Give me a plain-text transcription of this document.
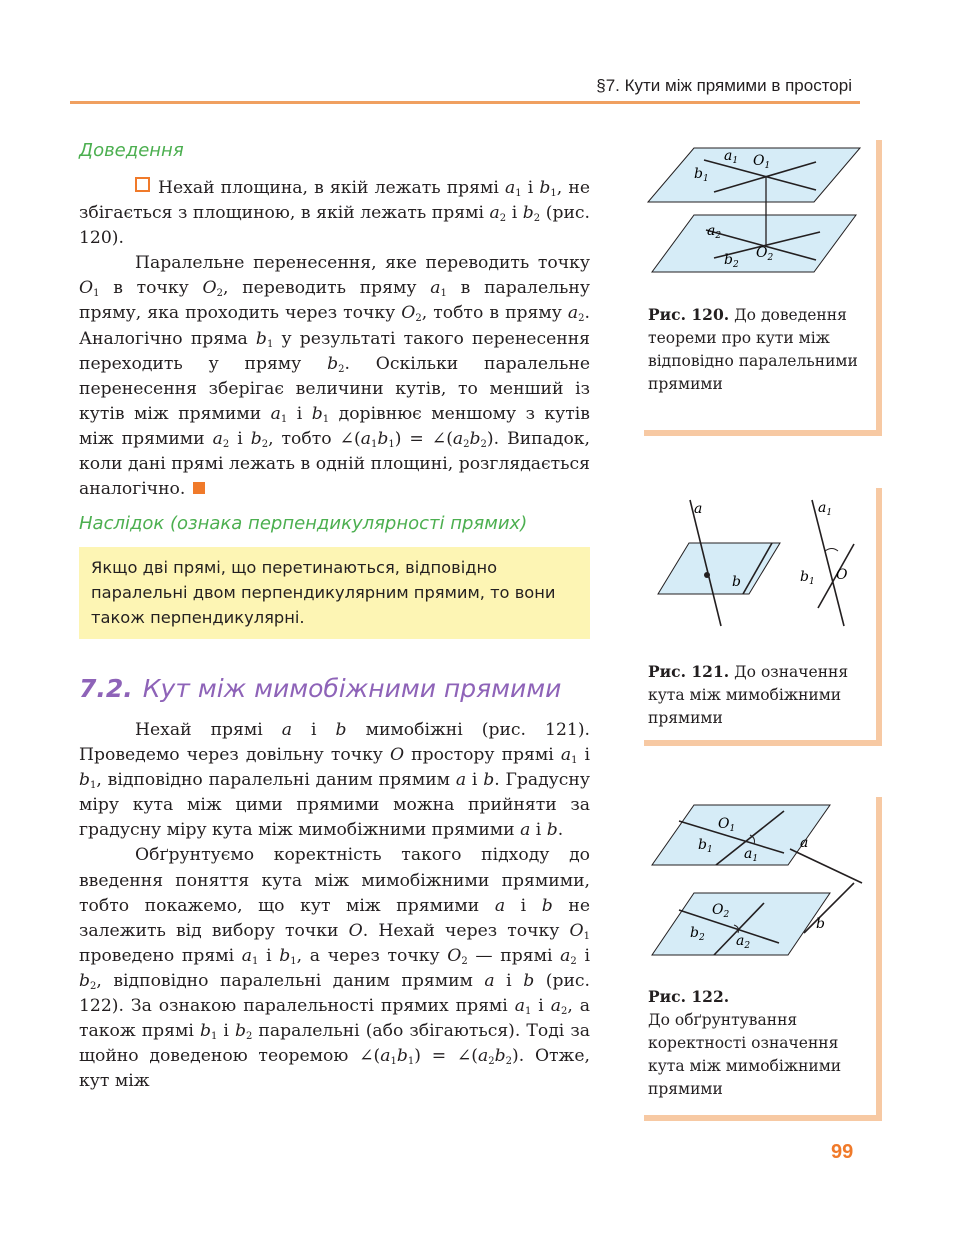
§7. Кути між прямими в просторі
Доведення

Нехай площина, в якій лежать прямі $a_1$ і $b_1$, не збігається з площиною, в якій лежать прямі $a_2$ і $b_2$ (рис. 120).

Паралельне перенесення, яке переводить точку $O_1$ в точку $O_2$, переводить пряму $a_1$ в паралельну пряму, яка проходить через точку $O_2$, тобто в пряму $a_2$. Аналогічно пряма $b_1$ у результаті такого перенесення переходить у пряму $b_2$. Оскільки паралельне перенесення зберігає величини кутів, то менший із кутів між прямими $a_1$ і $b_1$ дорівнює меншому з кутів між прямими $a_2$ і $b_2$, тобто $\angle(a_1b_1)$ = $\angle(a_2b_2)$. Випадок, коли дані прямі лежать в одній площині, розглядається аналогічно.

Наслідок (ознака перпендикулярності прямих)
Якщо дві прямі, що перетинаються, відповідно паралельні двом перпендикулярним прямим, то вони також перпендикулярні.
7.2. Кут між мимобіжними прямими

Нехай прямі a і b мимобіжні (рис. 121). Проведемо через довільну точку O простору прямі $a_1$ і $b_1$, відповідно паралельні даним прямим a і b. Градусну міру кута між цими прямими можна прийняти за градусну міру кута між мимобіжними прямими a і b.

Обґрунтуємо коректність такого підходу до введення поняття кута між мимобіжними прямими, тобто покажемо, що кут між прямими a і b не залежить від вибору точки O. Нехай через точку $O_1$ проведено прямі $a_1$ і $b_1$, а через точку $O_2$ — прямі $a_2$ і $b_2$, відповідно паралельні даним прямим a і b (рис. 122). За ознакою паралельності прямих прямі $a_1$ і $a_2$, а також прямі $b_1$ і $b_2$ паралельні (або збігаються). Тоді за щойно доведеною теоремою $\angle(a_1b_1)$ = $\angle(a_2b_2)$. Отже, кут між

$a_1$ $O_1$
$b_1$
$a_2$
$O_2$
$b_2$
Рис. 120. До доведення теореми про кути між відповідно паралельними прямими
a
b
$a_1$
$b_1$ O
Рис. 121. До означення кута між мимобіжними прямими
$O_1$
$b_1$ $a_1$
a
$O_2$
$b_2$ $a_2$
b
Рис. 122.
До обґрунтування коректності означення кута між мимобіжними прямими
99
